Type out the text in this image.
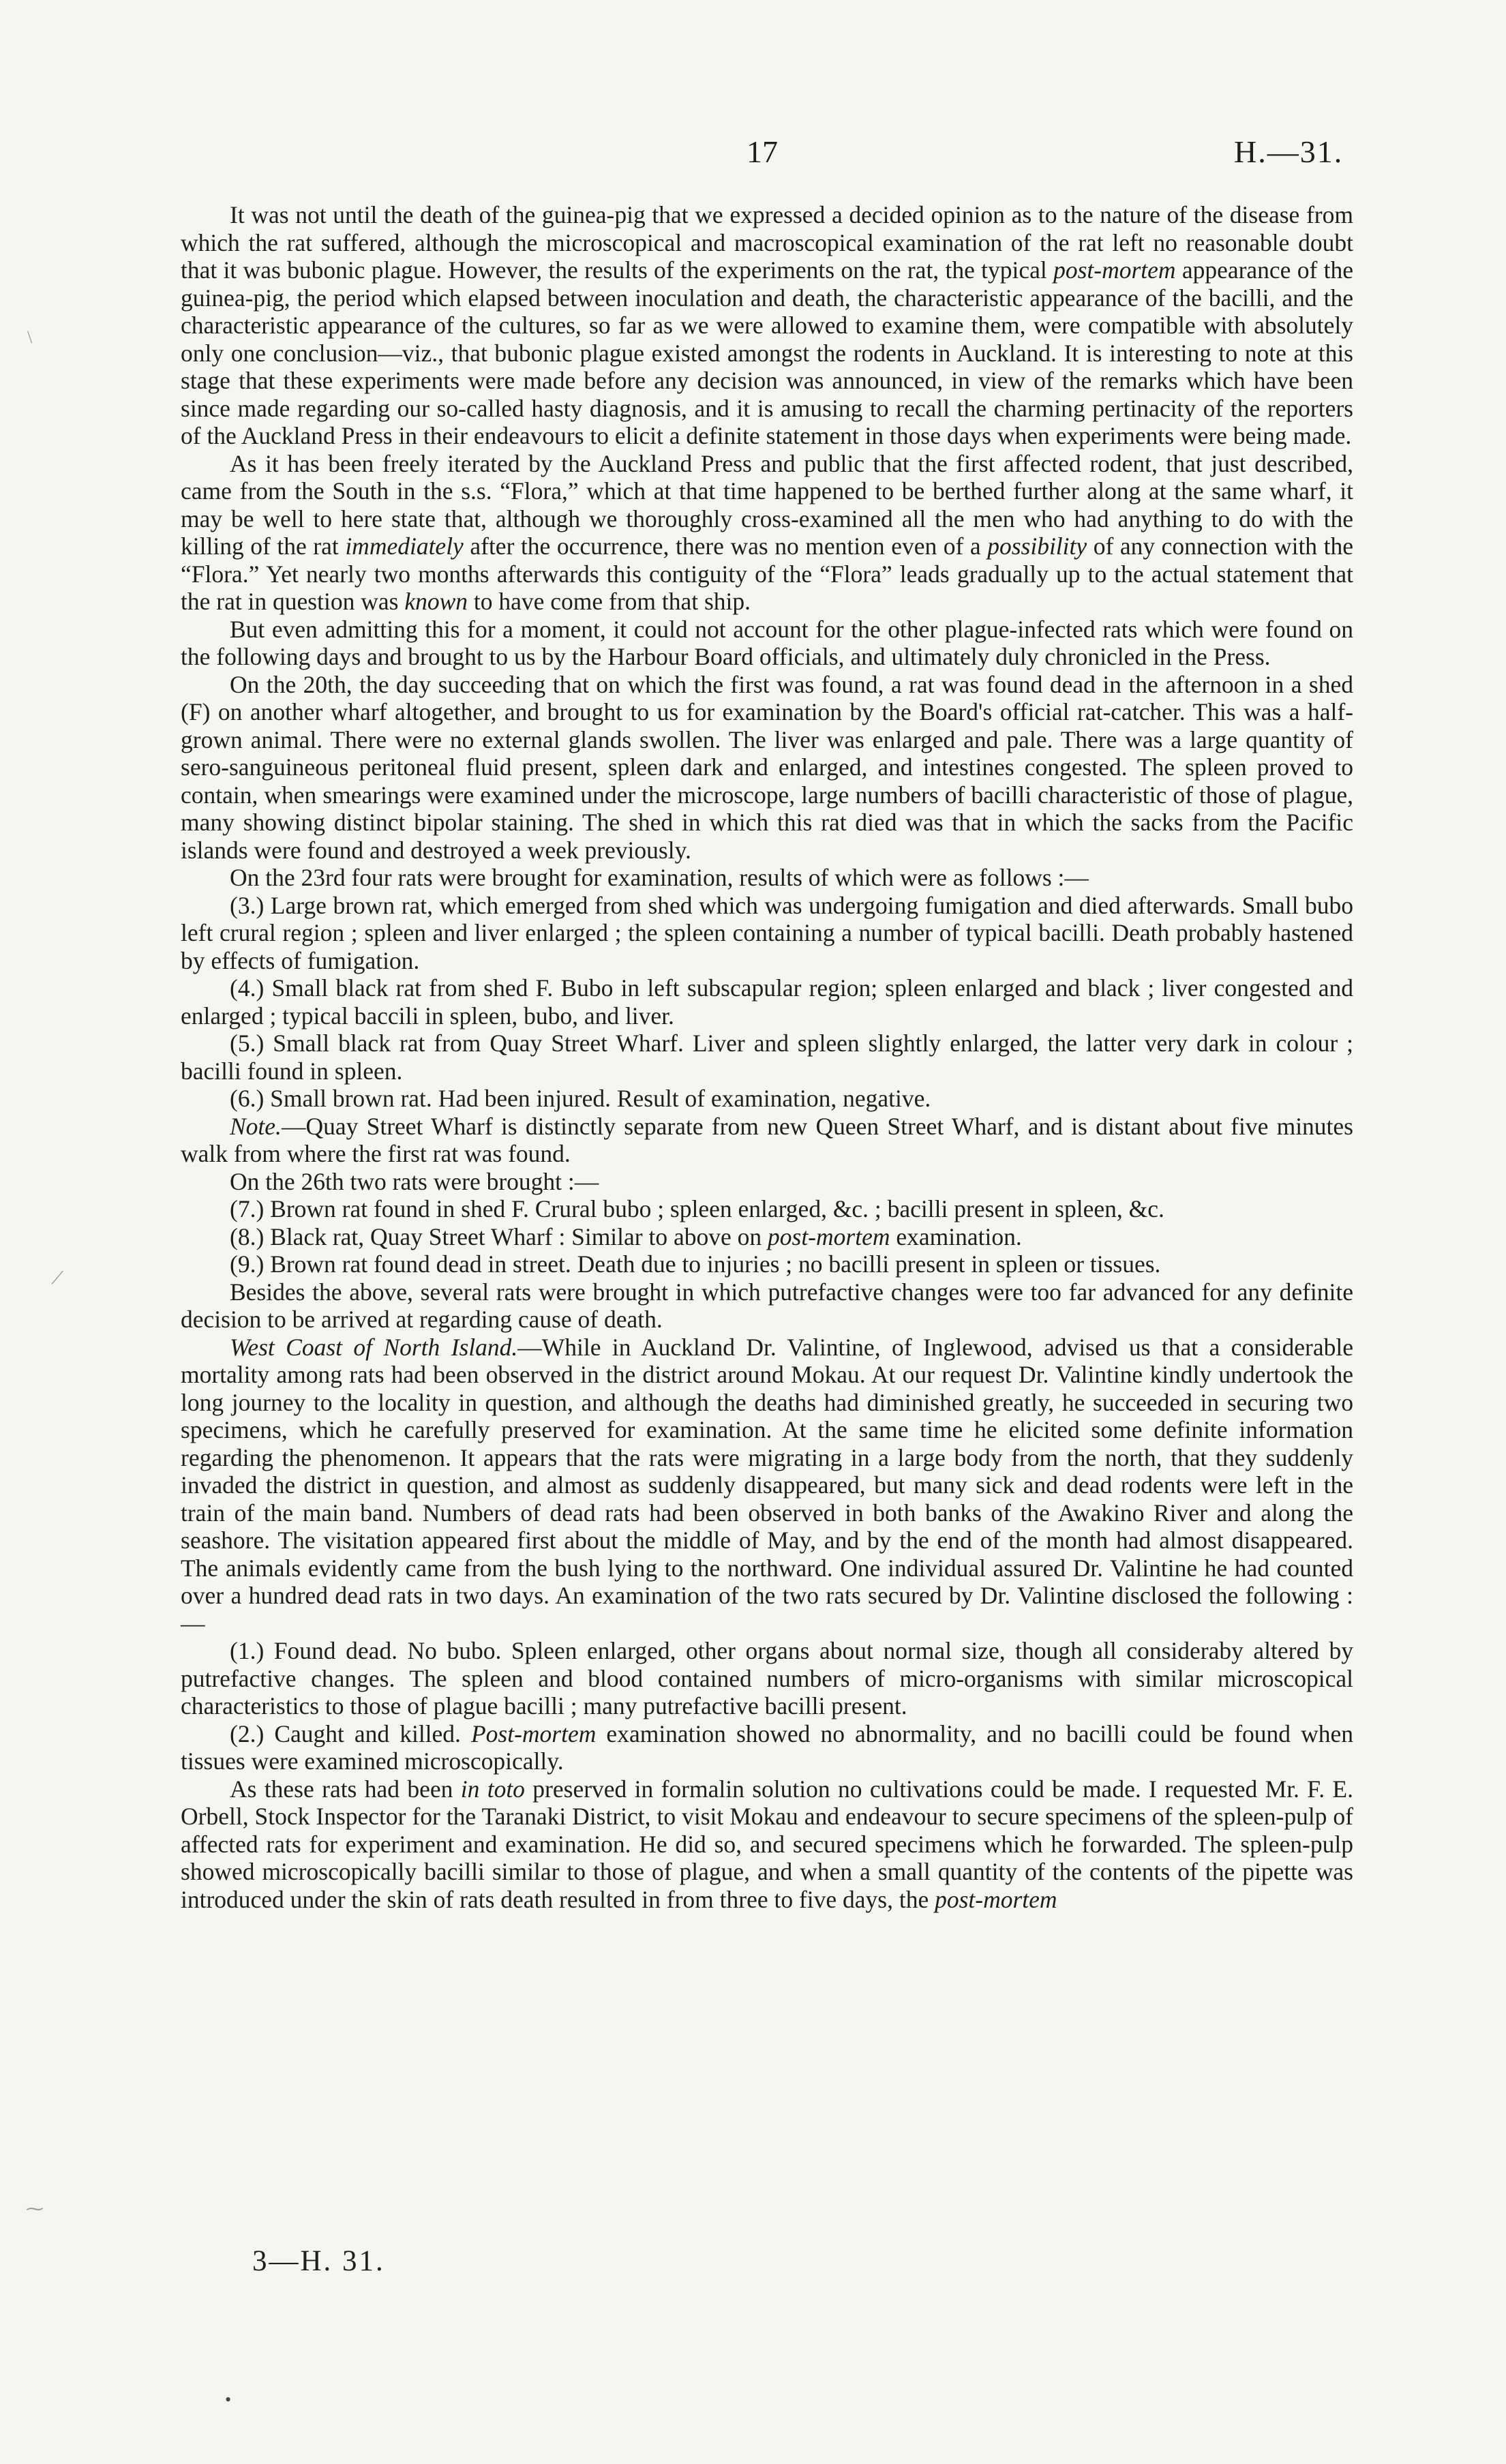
17	H.—31.

It was not until the death of the guinea-pig that we expressed a decided opinion as to the nature of the disease from which the rat suffered, although the microscopical and macroscopical examination of the rat left no reasonable doubt that it was bubonic plague. However, the results of the experiments on the rat, the typical post-mortem appearance of the guinea-pig, the period which elapsed between inoculation and death, the characteristic appearance of the bacilli, and the characteristic appearance of the cultures, so far as we were allowed to examine them, were compatible with absolutely only one conclusion—viz., that bubonic plague existed amongst the rodents in Auckland. It is interesting to note at this stage that these experiments were made before any decision was announced, in view of the remarks which have been since made regarding our so-called hasty diagnosis, and it is amusing to recall the charming pertinacity of the reporters of the Auckland Press in their endeavours to elicit a definite statement in those days when experiments were being made.

As it has been freely iterated by the Auckland Press and public that the first affected rodent, that just described, came from the South in the s.s. “Flora,” which at that time happened to be berthed further along at the same wharf, it may be well to here state that, although we thoroughly cross-examined all the men who had anything to do with the killing of the rat immediately after the occurrence, there was no mention even of a possibility of any connection with the “Flora.” Yet nearly two months afterwards this contiguity of the “Flora” leads gradually up to the actual statement that the rat in question was known to have come from that ship.

But even admitting this for a moment, it could not account for the other plague-infected rats which were found on the following days and brought to us by the Harbour Board officials, and ultimately duly chronicled in the Press.

On the 20th, the day succeeding that on which the first was found, a rat was found dead in the afternoon in a shed (F) on another wharf altogether, and brought to us for examination by the Board's official rat-catcher. This was a half-grown animal. There were no external glands swollen. The liver was enlarged and pale. There was a large quantity of sero-sanguineous peritoneal fluid present, spleen dark and enlarged, and intestines congested. The spleen proved to contain, when smearings were examined under the microscope, large numbers of bacilli characteristic of those of plague, many showing distinct bipolar staining. The shed in which this rat died was that in which the sacks from the Pacific islands were found and destroyed a week previously.

On the 23rd four rats were brought for examination, results of which were as follows :—

(3.) Large brown rat, which emerged from shed which was undergoing fumigation and died afterwards. Small bubo left crural region ; spleen and liver enlarged ; the spleen containing a number of typical bacilli. Death probably hastened by effects of fumigation.

(4.) Small black rat from shed F. Bubo in left subscapular region; spleen enlarged and black ; liver congested and enlarged ; typical baccili in spleen, bubo, and liver.

(5.) Small black rat from Quay Street Wharf. Liver and spleen slightly enlarged, the latter very dark in colour ; bacilli found in spleen.

(6.) Small brown rat. Had been injured. Result of examination, negative.

Note.—Quay Street Wharf is distinctly separate from new Queen Street Wharf, and is distant about five minutes walk from where the first rat was found.

On the 26th two rats were brought :—

(7.) Brown rat found in shed F. Crural bubo ; spleen enlarged, &c. ; bacilli present in spleen, &c.

(8.) Black rat, Quay Street Wharf : Similar to above on post-mortem examination.

(9.) Brown rat found dead in street. Death due to injuries ; no bacilli present in spleen or tissues.

Besides the above, several rats were brought in which putrefactive changes were too far advanced for any definite decision to be arrived at regarding cause of death.

West Coast of North Island.—While in Auckland Dr. Valintine, of Inglewood, advised us that a considerable mortality among rats had been observed in the district around Mokau. At our request Dr. Valintine kindly undertook the long journey to the locality in question, and although the deaths had diminished greatly, he succeeded in securing two specimens, which he carefully preserved for examination. At the same time he elicited some definite information regarding the phenomenon. It appears that the rats were migrating in a large body from the north, that they suddenly invaded the district in question, and almost as suddenly disappeared, but many sick and dead rodents were left in the train of the main band. Numbers of dead rats had been observed in both banks of the Awakino River and along the seashore. The visitation appeared first about the middle of May, and by the end of the month had almost disappeared. The animals evidently came from the bush lying to the northward. One individual assured Dr. Valintine he had counted over a hundred dead rats in two days. An examination of the two rats secured by Dr. Valintine disclosed the following :—

(1.) Found dead. No bubo. Spleen enlarged, other organs about normal size, though all consideraby altered by putrefactive changes. The spleen and blood contained numbers of micro-organisms with similar microscopical characteristics to those of plague bacilli ; many putrefactive bacilli present.

(2.) Caught and killed. Post-mortem examination showed no abnormality, and no bacilli could be found when tissues were examined microscopically.

As these rats had been in toto preserved in formalin solution no cultivations could be made. I requested Mr. F. E. Orbell, Stock Inspector for the Taranaki District, to visit Mokau and endeavour to secure specimens of the spleen-pulp of affected rats for experiment and examination. He did so, and secured specimens which he forwarded. The spleen-pulp showed microscopically bacilli similar to those of plague, and when a small quantity of the contents of the pipette was introduced under the skin of rats death resulted in from three to five days, the post-mortem

3—H. 31.
\
⟋
⁓
•
